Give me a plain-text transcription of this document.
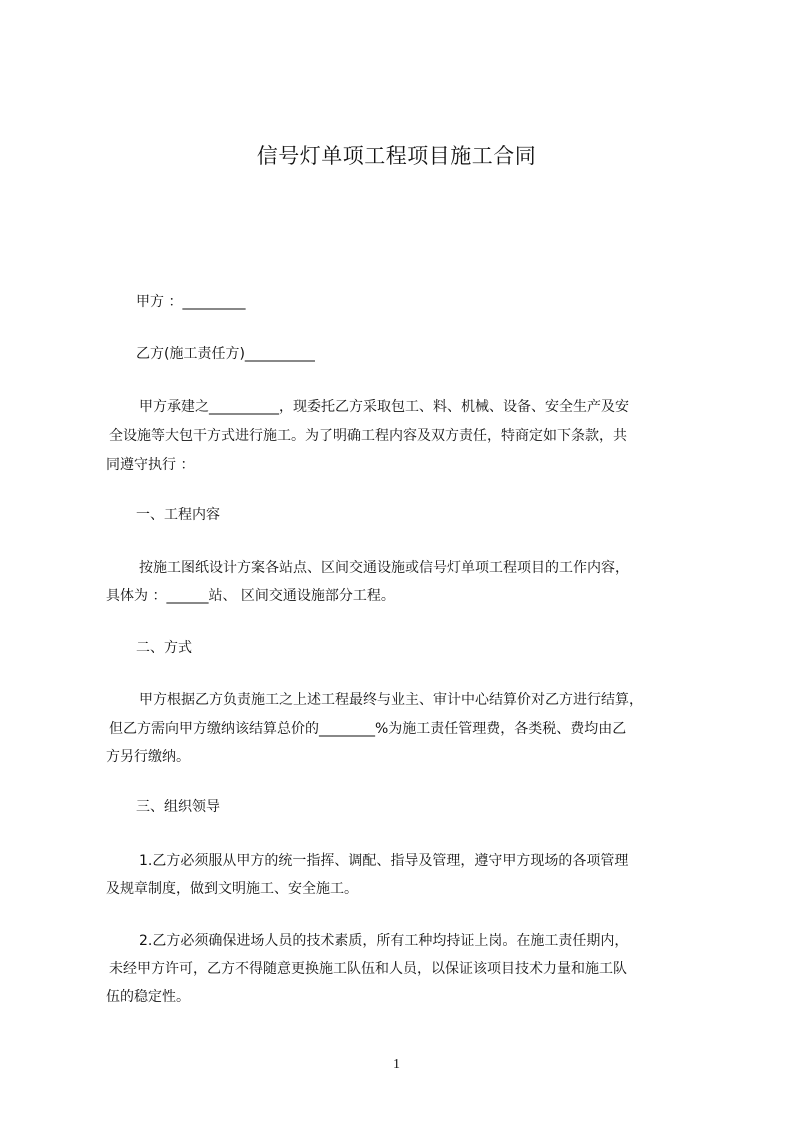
信号灯单项工程项目施工合同
甲方 ：_________
乙方(施工责任方)__________
甲方承建之__________，现委托乙方采取包工、料、机械、设备、安全生产及安
全设施等大包干方式进行施工。为了明确工程内容及双方责任，特商定如下条款，共
同遵守执行 ：
一、工程内容
按施工图纸设计方案各站点、区间交通设施或信号灯单项工程项目的工作内容，
具体为 ：______站、 区间交通设施部分工程。
二、方式
甲方根据乙方负责施工之上述工程最终与业主、审计中心结算价对乙方进行结算，
但乙方需向甲方缴纳该结算总价的________%为施工责任管理费，各类税、费均由乙
方另行缴纳。
三、组织领导
1.乙方必须服从甲方的统一指挥、调配、指导及管理，遵守甲方现场的各项管理
及规章制度，做到文明施工、安全施工。
2.乙方必须确保进场人员的技术素质，所有工种均持证上岗。在施工责任期内，
未经甲方许可，乙方不得随意更换施工队伍和人员，以保证该项目技术力量和施工队
伍的稳定性。
1
